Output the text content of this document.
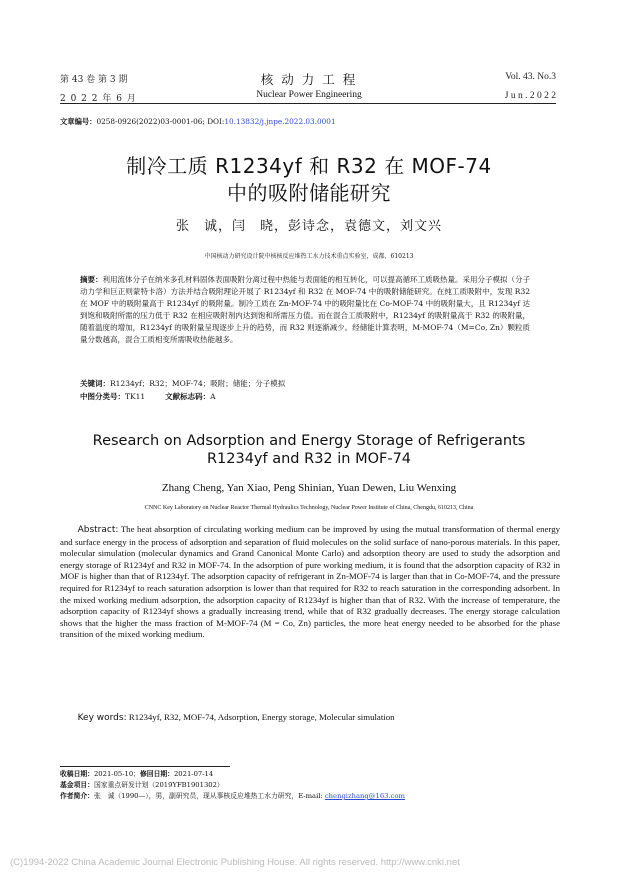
第 43 卷 第 3 期
2 0 2 2 年 6 月
核 动 力 工 程
Nuclear Power Engineering
Vol. 43. No.3
J u n . 2 0 2 2
文章编号：0258-0926(2022)03-0001-06; DOI:10.13832/j.jnpe.2022.03.0001
制冷工质 R1234yf 和 R32 在 MOF-74
中的吸附储能研究
张　诚，闫　晓，彭诗念，袁德文，刘文兴
中国核动力研究设计院中核核反应堆热工水力技术重点实验室，成都，610213
摘要：利用流体分子在纳米多孔材料固体表面吸附分离过程中热能与表面能的相互转化，可以提高循环工质吸热量。采用分子模拟（分子动力学和巨正则蒙特卡洛）方法并结合吸附理论开展了 R1234yf 和 R32 在 MOF-74 中的吸附储能研究。在纯工质吸附中，发现 R32 在 MOF 中的吸附量高于 R1234yf 的吸附量。制冷工质在 Zn-MOF-74 中的吸附量比在 Co-MOF-74 中的吸附量大，且 R1234yf 达到饱和吸附所需的压力低于 R32 在相应吸附剂内达到饱和所需压力值。而在混合工质吸附中，R1234yf 的吸附量高于 R32 的吸附量，随着温度的增加，R1234yf 的吸附量呈现逐步上升的趋势，而 R32 则逐渐减少。经储能计算表明，M-MOF-74（M=Co, Zn）颗粒质量分数越高，混合工质相变所需吸收热能越多。
关键词：R1234yf；R32；MOF-74；吸附；储能；分子模拟
中图分类号：TK11	文献标志码：A
Research on Adsorption and Energy Storage of Refrigerants
R1234yf and R32 in MOF-74
Zhang Cheng, Yan Xiao, Peng Shinian, Yuan Dewen, Liu Wenxing
CNNC Key Laboratory on Nuclear Reactor Thermal Hydraulics Technology, Nuclear Power Institute of China, Chengdu, 610213, China
Abstract: The heat absorption of circulating working medium can be improved by using the mutual transformation of thermal energy and surface energy in the process of adsorption and separation of fluid molecules on the solid surface of nano-porous materials. In this paper, molecular simulation (molecular dynamics and Grand Canonical Monte Carlo) and adsorption theory are used to study the adsorption and energy storage of R1234yf and R32 in MOF-74. In the adsorption of pure working medium, it is found that the adsorption capacity of R32 in MOF is higher than that of R1234yf. The adsorption capacity of refrigerant in Zn-MOF-74 is larger than that in Co-MOF-74, and the pressure required for R1234yf to reach saturation adsorption is lower than that required for R32 to reach saturation in the corresponding adsorbent. In the mixed working medium adsorption, the adsorption capacity of R1234yf is higher than that of R32. With the increase of temperature, the adsorption capacity of R1234yf shows a gradually increasing trend, while that of R32 gradually decreases. The energy storage calculation shows that the higher the mass fraction of M-MOF-74 (M = Co, Zn) particles, the more heat energy needed to be absorbed for the phase transition of the mixed working medium.
Key words: R1234yf, R32, MOF-74, Adsorption, Energy storage, Molecular simulation
收稿日期：2021-05-10；修回日期：2021-07-14
基金项目：国家重点研发计划（2019YFB1901302）
作者简介：张　诚（1990—），男，副研究员，现从事核反应堆热工水力研究，E-mail: chengizhang@163.com
(C)1994-2022 China Academic Journal Electronic Publishing House. All rights reserved. http://www.cnki.net
